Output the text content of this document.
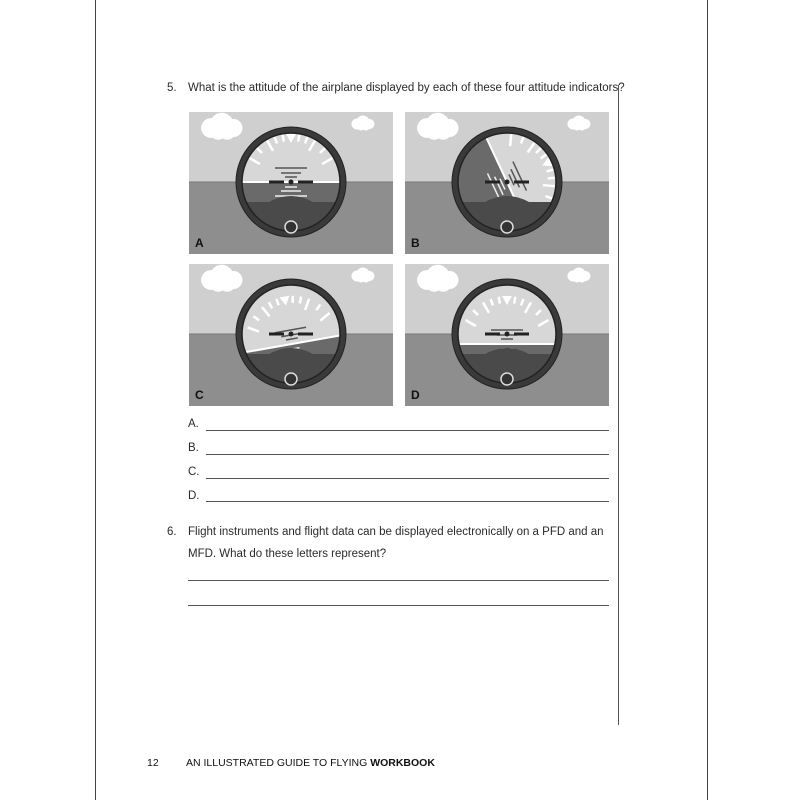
5. What is the attitude of the airplane displayed by each of these four attitude indicators?
A	B
C	D
A.
B.
C.
D.
6. Flight instruments and flight data can be displayed electronically on a PFD and an
MFD. What do these letters represent?
12	AN ILLUSTRATED GUIDE TO FLYING WORKBOOK
